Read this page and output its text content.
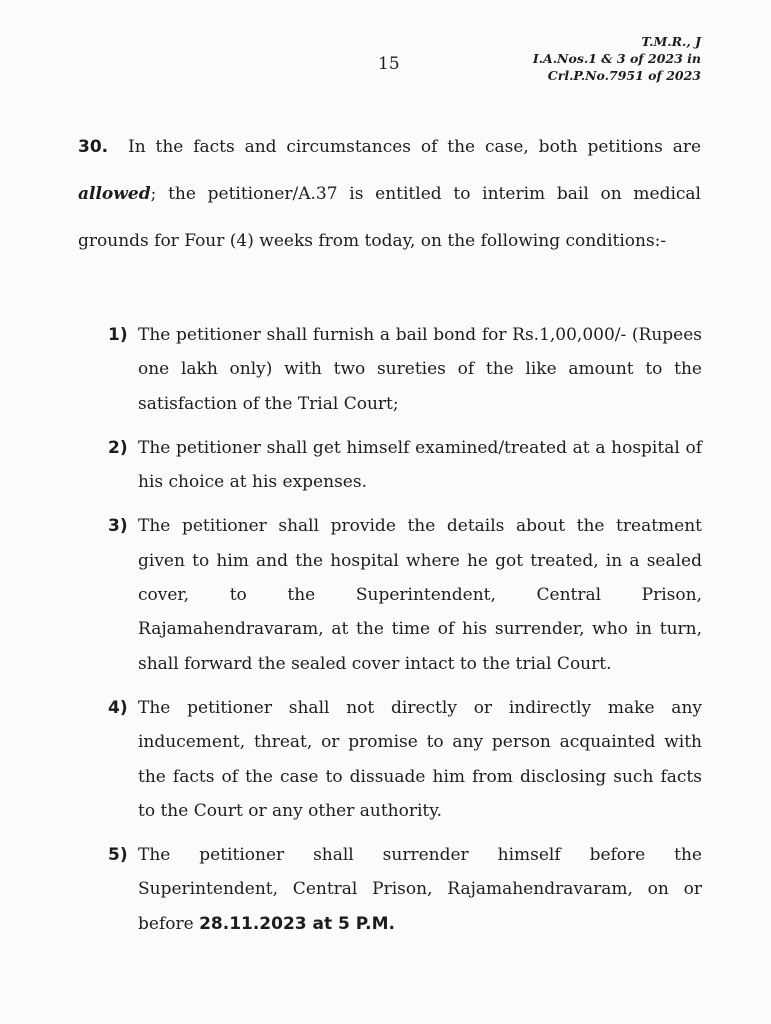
T.M.R., J
I.A.Nos.1 & 3 of 2023 in
Crl.P.No.7951 of 2023
15
30. In the facts and circumstances of the case, both petitions are allowed; the petitioner/A.37 is entitled to interim bail on medical grounds for Four (4) weeks from today, on the following conditions:-
1) The petitioner shall furnish a bail bond for Rs.1,00,000/- (Rupees one lakh only) with two sureties of the like amount to the satisfaction of the Trial Court;
2) The petitioner shall get himself examined/treated at a hospital of his choice at his expenses.
3) The petitioner shall provide the details about the treatment given to him and the hospital where he got treated, in a sealed cover, to the Superintendent, Central Prison, Rajamahendravaram, at the time of his surrender, who in turn, shall forward the sealed cover intact to the trial Court.
4) The petitioner shall not directly or indirectly make any inducement, threat, or promise to any person acquainted with the facts of the case to dissuade him from disclosing such facts to the Court or any other authority.
5) The petitioner shall surrender himself before the Superintendent, Central Prison, Rajamahendravaram, on or before 28.11.2023 at 5 P.M.
